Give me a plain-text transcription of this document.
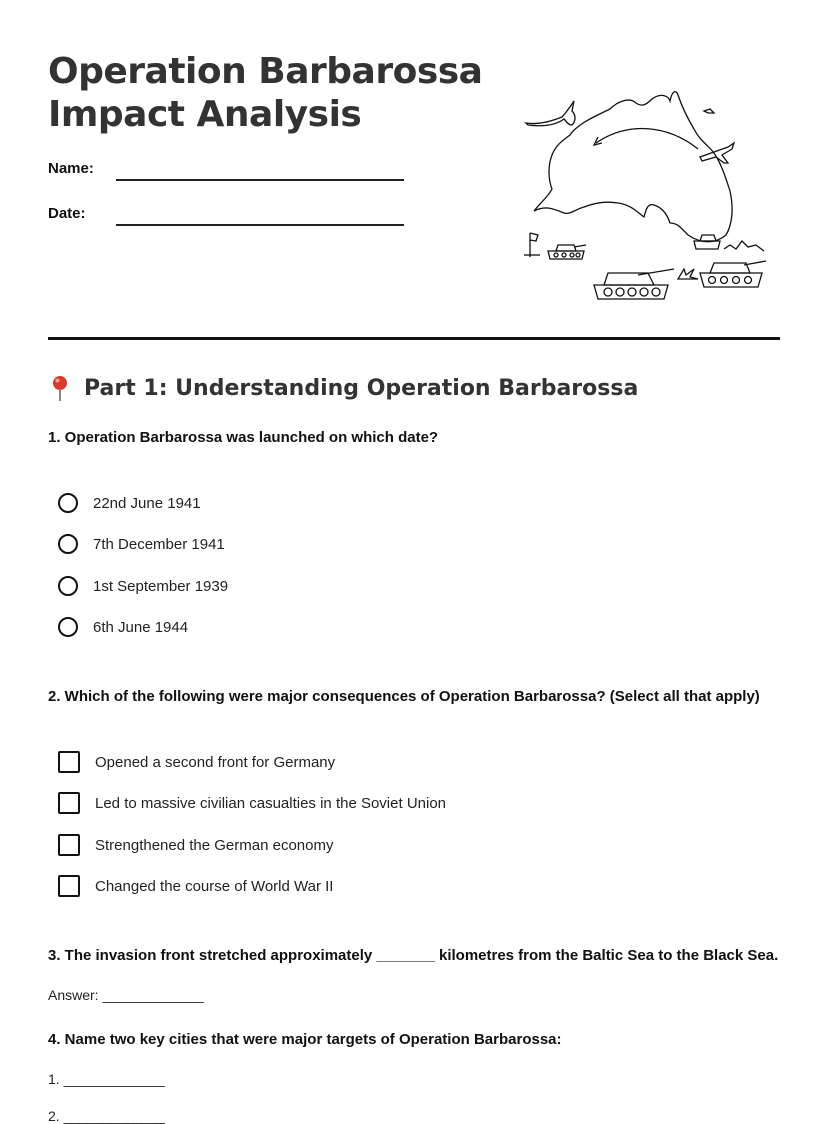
Operation Barbarossa
Impact Analysis
Name:
Date:
Part 1: Understanding Operation Barbarossa

1. Operation Barbarossa was launched on which date?

22nd June 1941
7th December 1941
1st September 1939
6th June 1944

2. Which of the following were major consequences of Operation Barbarossa? (Select all that apply)

Opened a second front for Germany
Led to massive civilian casualties in the Soviet Union
Strengthened the German economy
Changed the course of World War II

3. The invasion front stretched approximately _______ kilometres from the Baltic Sea to the Black Sea.

Answer: _____________

4. Name two key cities that were major targets of Operation Barbarossa:

1. _____________
2. _____________
